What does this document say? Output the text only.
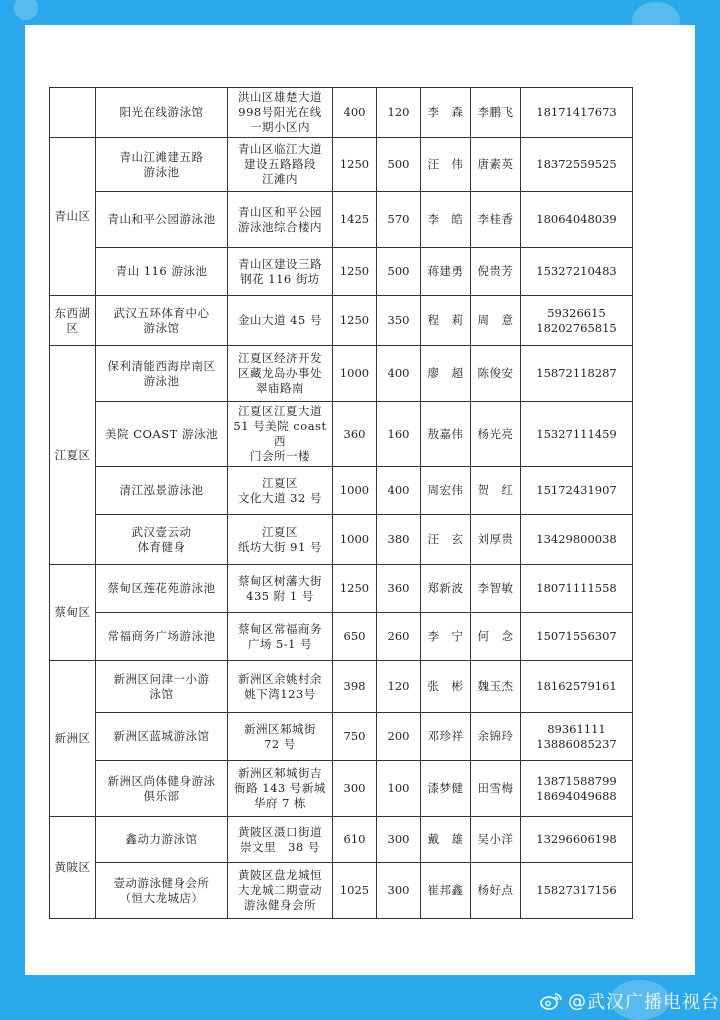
	阳光在线游泳馆	洪山区雄楚大道
998号阳光在线
一期小区内	400	120	李　森	李鹏飞	18171417673

青山区	青山江滩建五路
游泳池	青山区临江大道
建设五路路段
江滩内	1250	500	汪　伟	唐素英	18372559525

	青山和平公园游泳池	青山区和平公园
游泳池综合楼内	1425	570	李　皓	李桂香	18064048039

	青山 116 游泳池	青山区建设三路
钢花 116 街坊	1250	500	蒋建勇	倪贵芳	15327210483

东西湖区	武汉五环体育中心
游泳馆	金山大道 45 号	1250	350	程　莉	周　意	59326615
18202765815

江夏区	保利清能西海岸南区
游泳池	江夏区经济开发
区藏龙岛办事处
翠庙路南	1000	400	廖　超	陈俊安	15872118287

	美院 COAST 游泳池	江夏区江夏大道
51 号美院 coast 西
门会所一楼	360	160	敖嘉伟	杨光亮	15327111459

	清江泓景游泳池	江夏区
文化大道 32 号	1000	400	周宏伟	贺　红	15172431907

	武汉壹云动
体育健身	江夏区
纸坊大街 91 号	1000	380	汪　玄	刘厚贵	13429800038

蔡甸区	蔡甸区莲花苑游泳池	蔡甸区树藩大街
435 附 1 号	1250	360	郑新波	李智敏	18071111558

	常福商务广场游泳池	蔡甸区常福商务
广场 5-1 号	650	260	李　宁	何　念	15071556307

新洲区	新洲区问津一小游
泳馆	新洲区余姚村余
姚下湾123号	398	120	张　彬	魏玉杰	18162579161

	新洲区蓝城游泳馆	新洲区邾城街
72 号	750	200	邓珍祥	余锦玲	89361111
13886085237

	新洲区尚体健身游泳
俱乐部	新洲区邾城街吉
衙路 143 号新城
华府 7 栋	300	100	漆梦健	田雪梅	13871588799
18694049688

黄陂区	鑫动力游泳馆	黄陂区滠口街道
崇文里　38 号	610	300	戴　雄	吴小洋	13296606198

	壹动游泳健身会所
（恒大龙城店）	黄陂区盘龙城恒
大龙城二期壹动
游泳健身会所	1025	300	崔邦鑫	杨好点	15827317156
@ 武汉广播电视台
